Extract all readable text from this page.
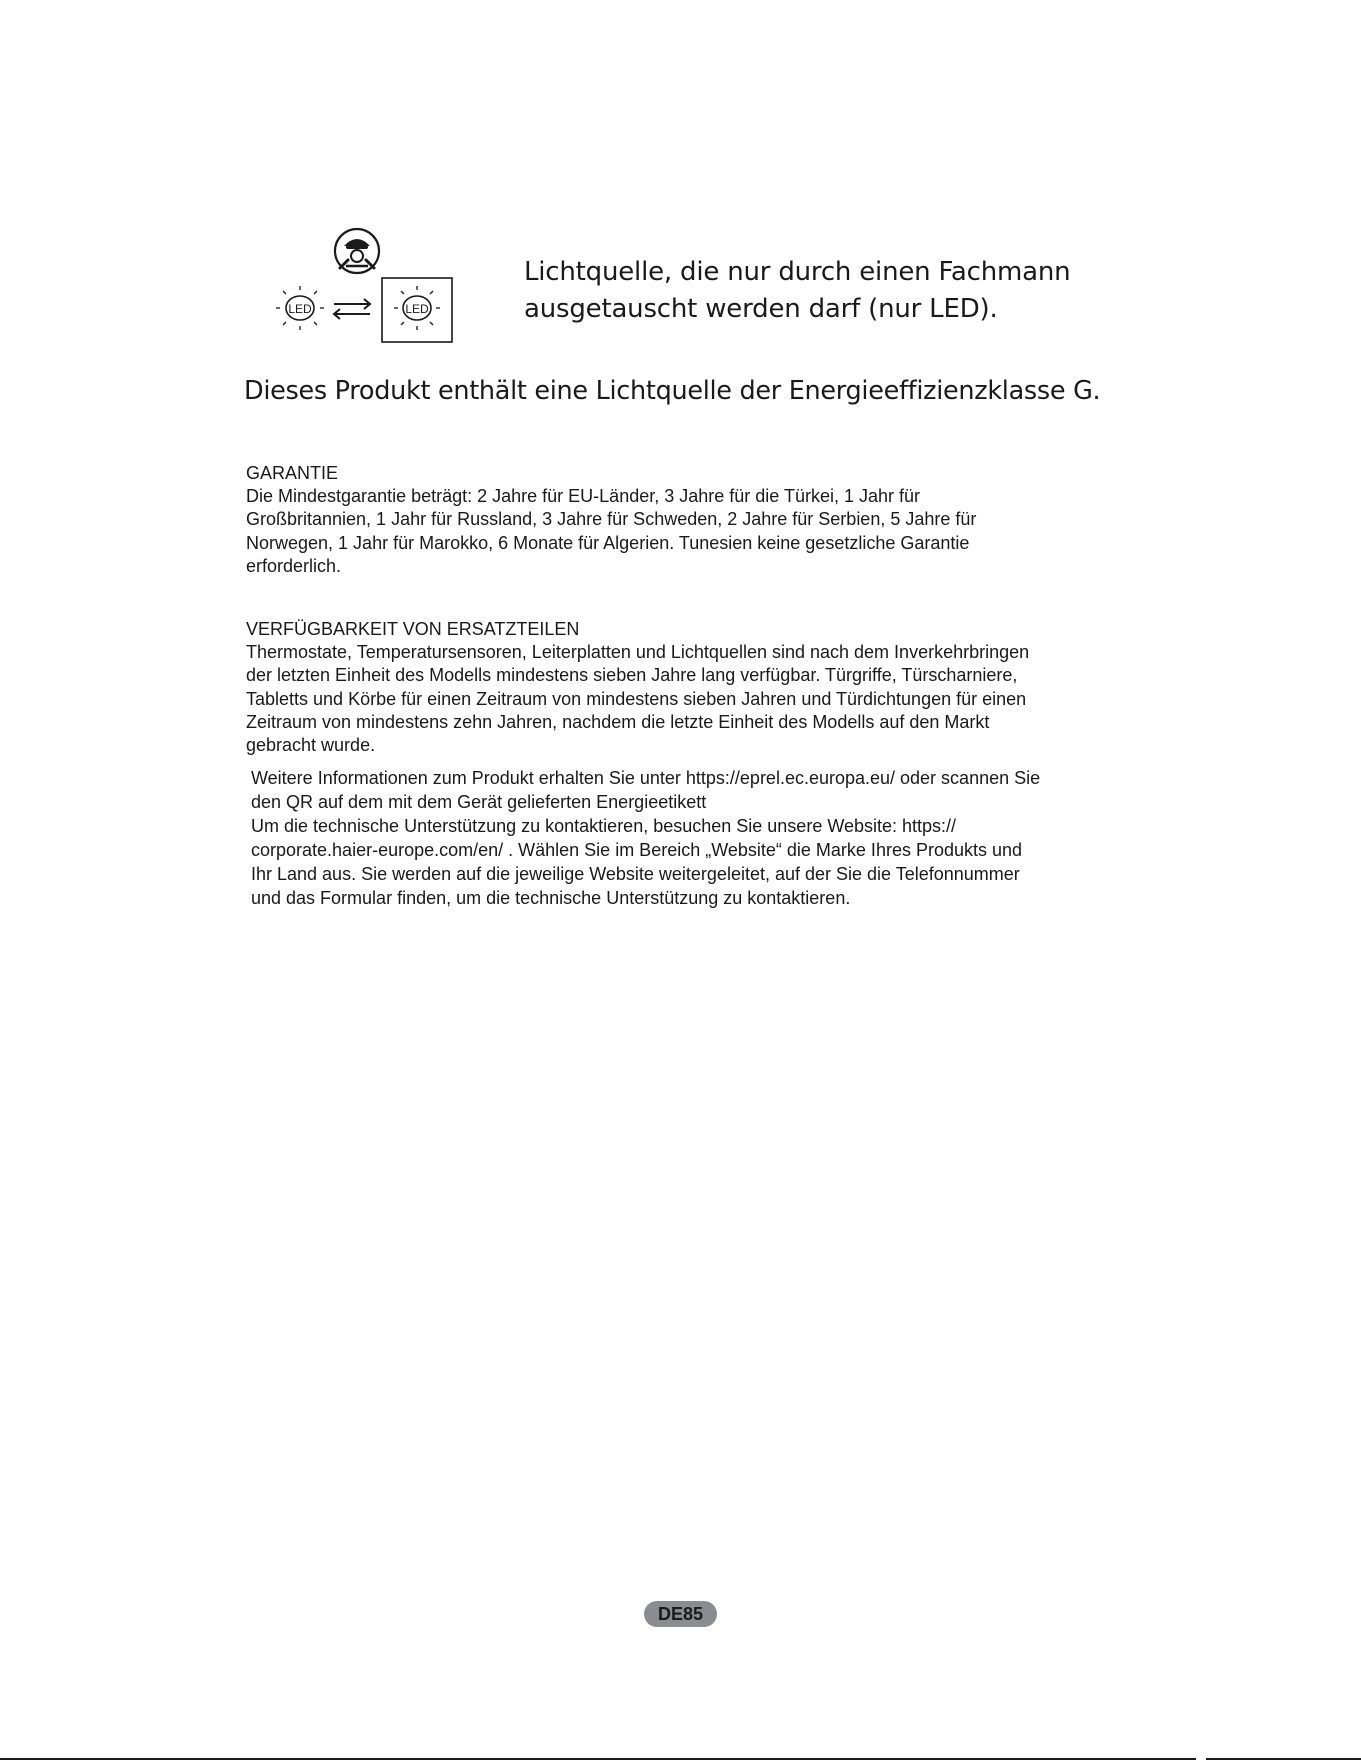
LED	LED
Lichtquelle, die nur durch einen Fachmann
ausgetauscht werden darf (nur LED).
Dieses Produkt enthält eine Lichtquelle der Energieeffizienzklasse G.
GARANTIE
Die Mindestgarantie beträgt: 2 Jahre für EU-Länder, 3 Jahre für die Türkei, 1 Jahr für
Großbritannien, 1 Jahr für Russland, 3 Jahre für Schweden, 2 Jahre für Serbien, 5 Jahre für
Norwegen, 1 Jahr für Marokko, 6 Monate für Algerien. Tunesien keine gesetzliche Garantie
erforderlich.
VERFÜGBARKEIT VON ERSATZTEILEN
Thermostate, Temperatursensoren, Leiterplatten und Lichtquellen sind nach dem Inverkehrbringen
der letzten Einheit des Modells mindestens sieben Jahre lang verfügbar. Türgriffe, Türscharniere,
Tabletts und Körbe für einen Zeitraum von mindestens sieben Jahren und Türdichtungen für einen
Zeitraum von mindestens zehn Jahren, nachdem die letzte Einheit des Modells auf den Markt
gebracht wurde.
Weitere Informationen zum Produkt erhalten Sie unter https://eprel.ec.europa.eu/ oder scannen Sie
den QR auf dem mit dem Gerät gelieferten Energieetikett
Um die technische Unterstützung zu kontaktieren, besuchen Sie unsere Website: https://
corporate.haier-europe.com/en/ . Wählen Sie im Bereich „Website“ die Marke Ihres Produkts und
Ihr Land aus. Sie werden auf die jeweilige Website weitergeleitet, auf der Sie die Telefonnummer
und das Formular finden, um die technische Unterstützung zu kontaktieren.
DE85
